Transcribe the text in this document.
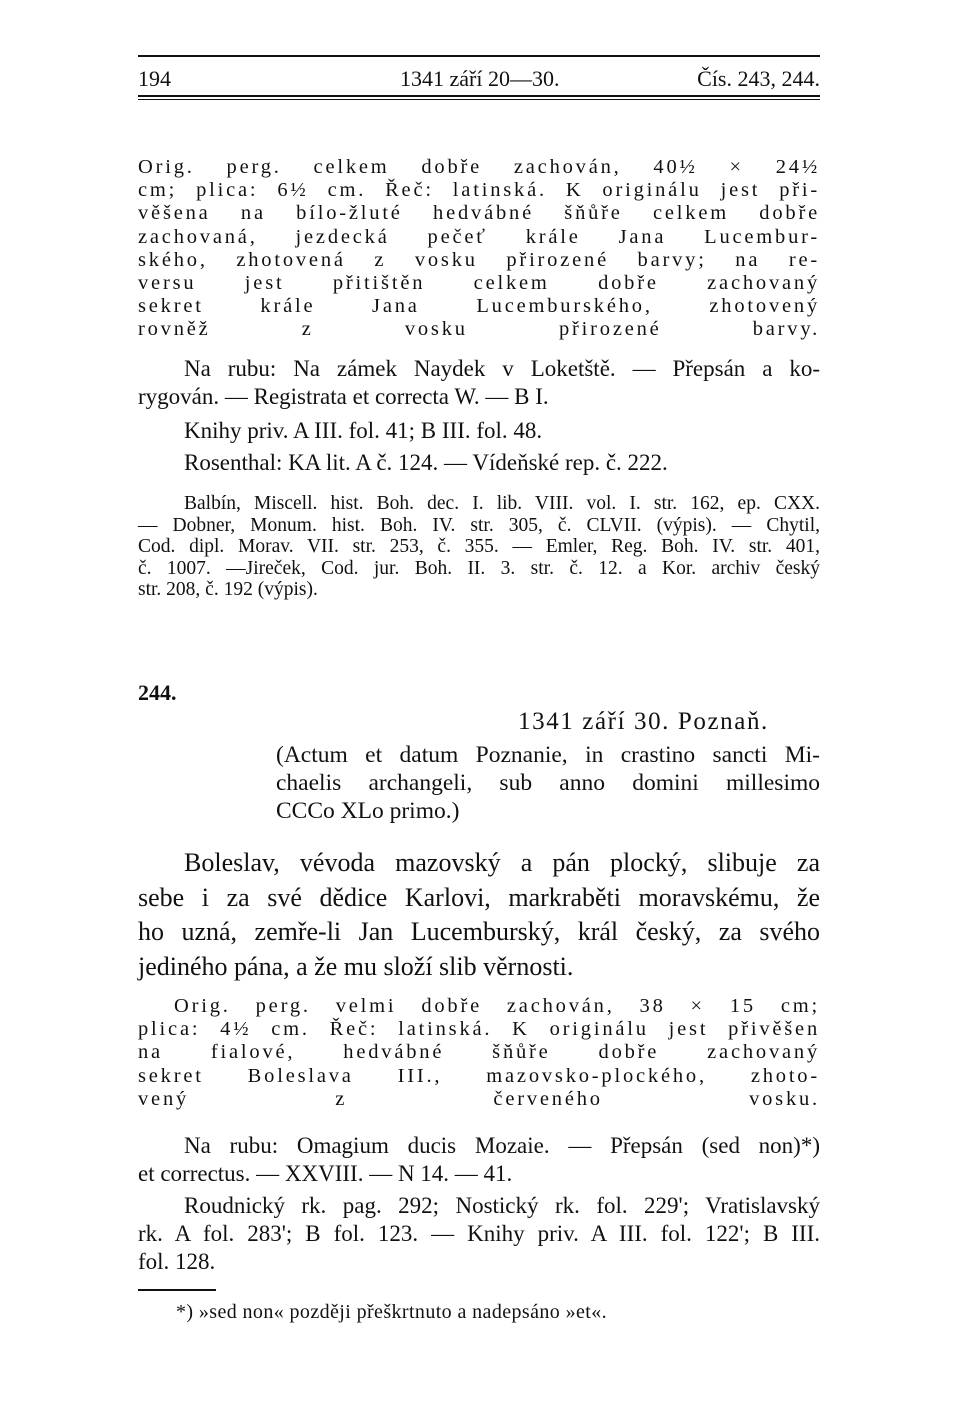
194	1341 září 20—30.	Čís. 243, 244.
Orig. perg. celkem dobře zachován, 40½ × 24½
cm; plica: 6½ cm. Řeč: latinská. K originálu jest při-
věšena na bílo-žluté hedvábné šňůře celkem dobře
zachovaná, jezdecká pečeť krále Jana Lucembur-
ského, zhotovená z vosku přirozené barvy; na re-
versu jest přitištěn celkem dobře zachovaný
sekret krále Jana Lucemburského, zhotovený
rovněž z vosku přirozené barvy.
Na rubu: Na zámek Naydek v Loketště. — Přepsán a ko-
rygován. — Registrata et correcta W. — B I.
Knihy priv. A III. fol. 41; B III. fol. 48.
Rosenthal: KA lit. A č. 124. — Vídeňské rep. č. 222.
Balbín, Miscell. hist. Boh. dec. I. lib. VIII. vol. I. str. 162, ep. CXX.
— Dobner, Monum. hist. Boh. IV. str. 305, č. CLVII. (výpis). — Chytil,
Cod. dipl. Morav. VII. str. 253, č. 355. — Emler, Reg. Boh. IV. str. 401,
č. 1007. —Jireček, Cod. jur. Boh. II. 3. str. č. 12. a Kor. archiv český
str. 208, č. 192 (výpis).
244.
1341 září 30. Poznaň.
(Actum et datum Poznanie, in crastino sancti Mi-
chaelis archangeli, sub anno domini millesimo
CCCo XLo primo.)
Boleslav, vévoda mazovský a pán plocký, slibuje za
sebe i za své dědice Karlovi, markraběti moravskému, že
ho uzná, zemře-li Jan Lucemburský, král český, za svého
jediného pána, a že mu složí slib věrnosti.
Orig. perg. velmi dobře zachován, 38 × 15 cm;
plica: 4½ cm. Řeč: latinská. K originálu jest přivěšen
na fialové, hedvábné šňůře dobře zachovaný
sekret Boleslava III., mazovsko-plockého, zhoto-
vený z červeného vosku.
Na rubu: Omagium ducis Mozaie. — Přepsán (sed non)*)
et correctus. — XXVIII. — N 14. — 41.
Roudnický rk. pag. 292; Nostický rk. fol. 229'; Vratislavský
rk. A fol. 283'; B fol. 123. — Knihy priv. A III. fol. 122'; B III.
fol. 128.
*) »sed non« později přeškrtnuto a nadepsáno »et«.
